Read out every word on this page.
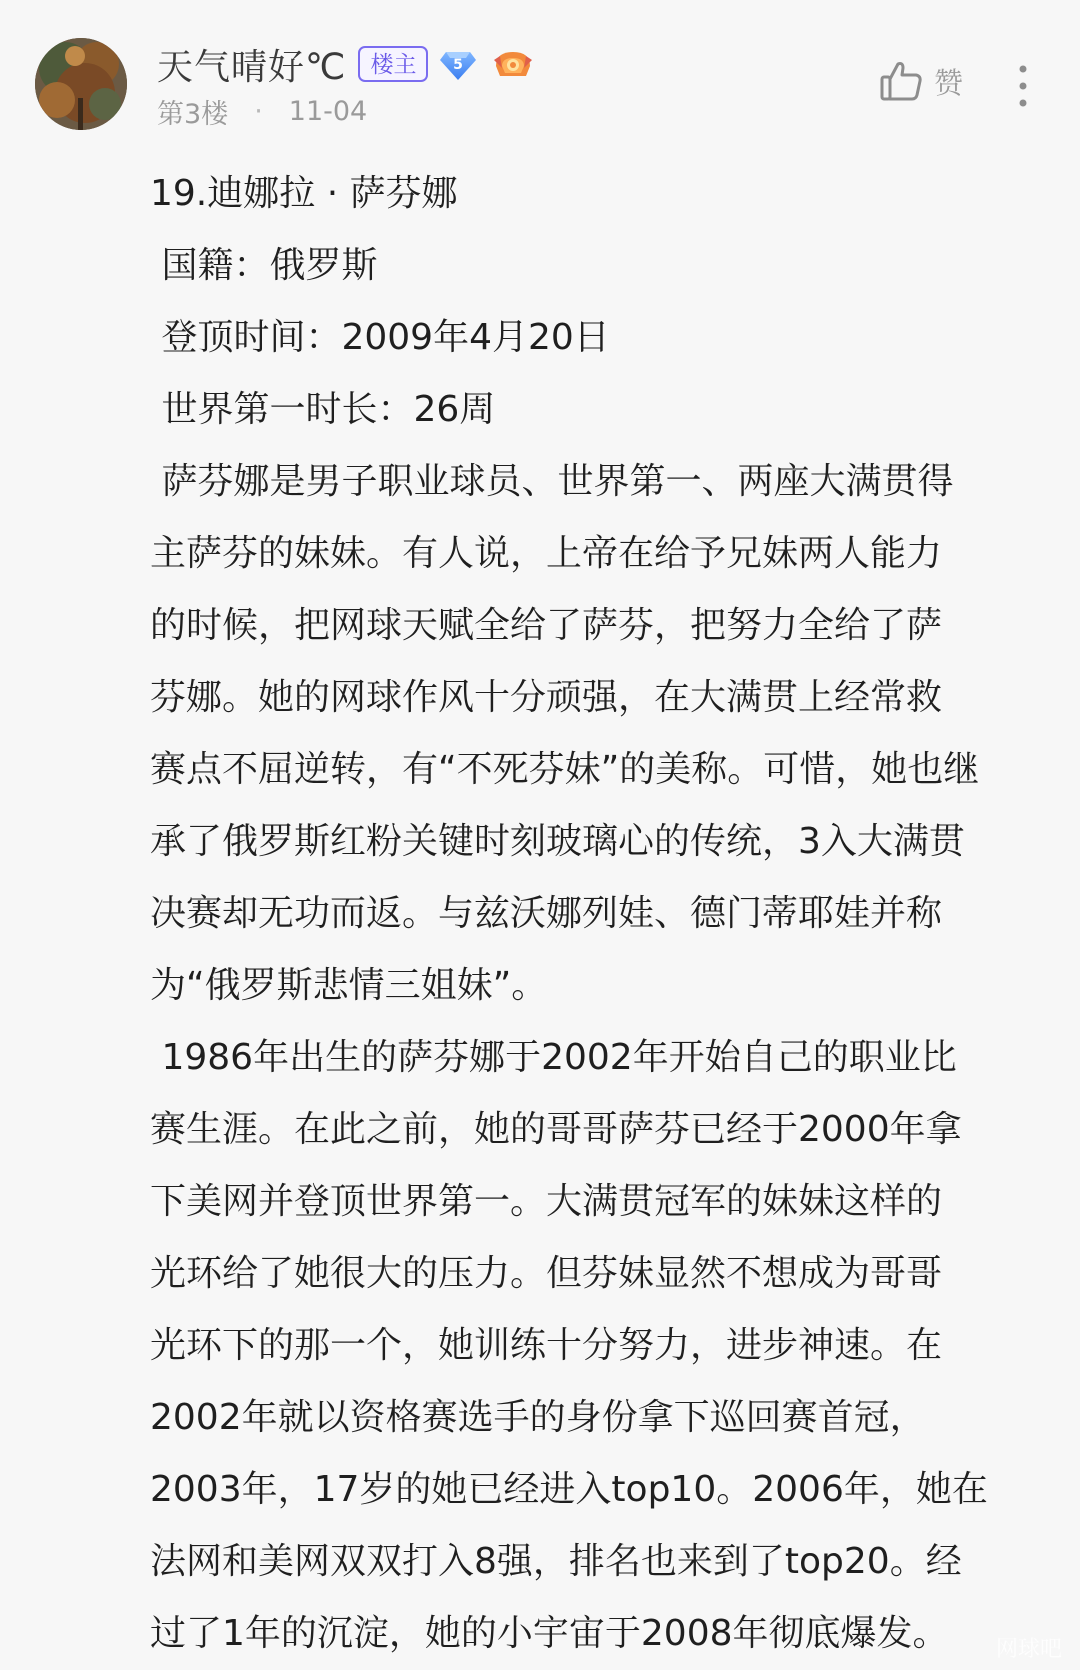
天气晴好℃	楼主	5
第3楼 · 11-04
赞

19.迪娜拉 · 萨芬娜

国籍：俄罗斯

登顶时间：2009年4月20日

世界第一时长：26周

萨芬娜是男子职业球员、世界第一、两座大满贯得

主萨芬的妹妹。有人说，上帝在给予兄妹两人能力

的时候，把网球天赋全给了萨芬，把努力全给了萨

芬娜。她的网球作风十分顽强，在大满贯上经常救

赛点不屈逆转，有“不死芬妹”的美称。可惜，她也继

承了俄罗斯红粉关键时刻玻璃心的传统，3入大满贯

决赛却无功而返。与兹沃娜列娃、德门蒂耶娃并称

为“俄罗斯悲情三姐妹”。

1986年出生的萨芬娜于2002年开始自己的职业比

赛生涯。在此之前，她的哥哥萨芬已经于2000年拿

下美网并登顶世界第一。大满贯冠军的妹妹这样的

光环给了她很大的压力。但芬妹显然不想成为哥哥

光环下的那一个，她训练十分努力，进步神速。在

2002年就以资格赛选手的身份拿下巡回赛首冠，

2003年，17岁的她已经进入top10。2006年，她在

法网和美网双双打入8强，排名也来到了top20。经

过了1年的沉淀，她的小宇宙于2008年彻底爆发。	网球吧
